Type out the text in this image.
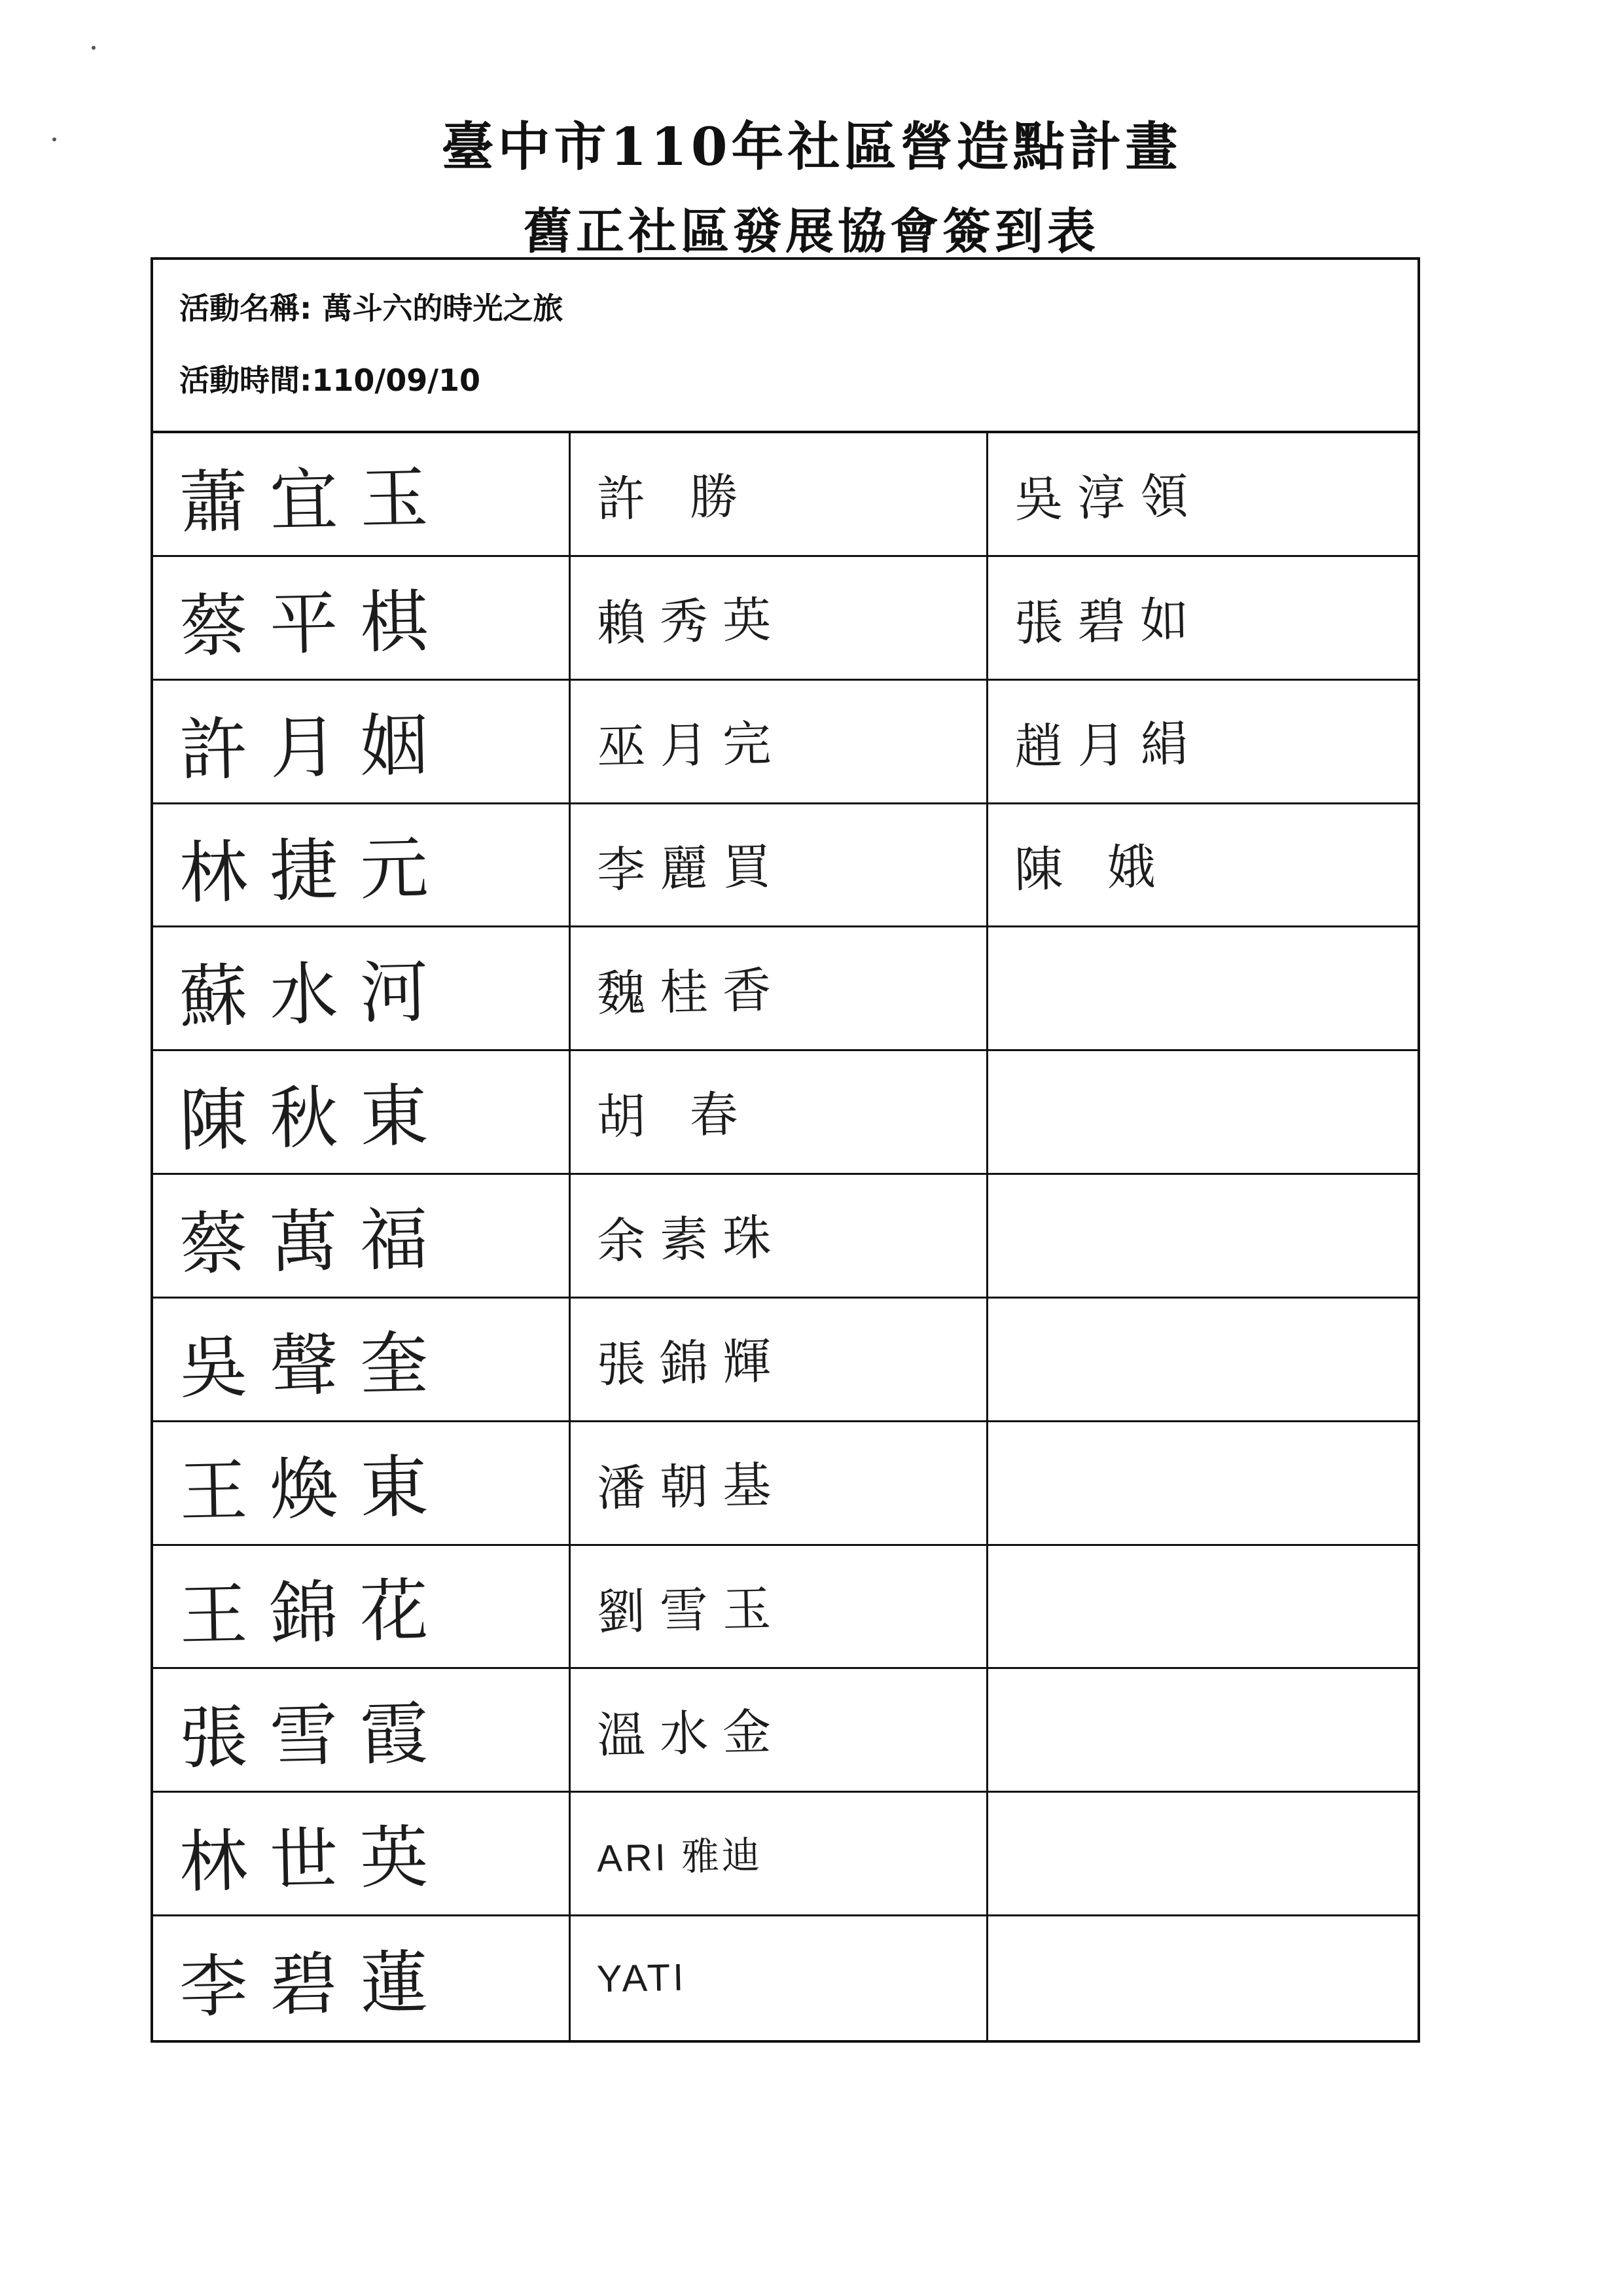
臺中市110年社區營造點計畫
舊正社區發展協會簽到表
活動名稱: 萬斗六的時光之旅
活動時間:110/09/10
蕭宜玉	許 勝	吳淳領
蔡平棋	賴秀英	張碧如
許月姻	巫月完	趙月絹
林捷元	李麗買	陳 娥
蘇水河	魏桂香
陳秋東	胡 春
蔡萬福	余素珠
吳聲奎	張錦輝
王煥東	潘朝基
王錦花	劉雪玉
張雪霞	溫水金
林世英	ARI 雅迪
李碧蓮	YATI
